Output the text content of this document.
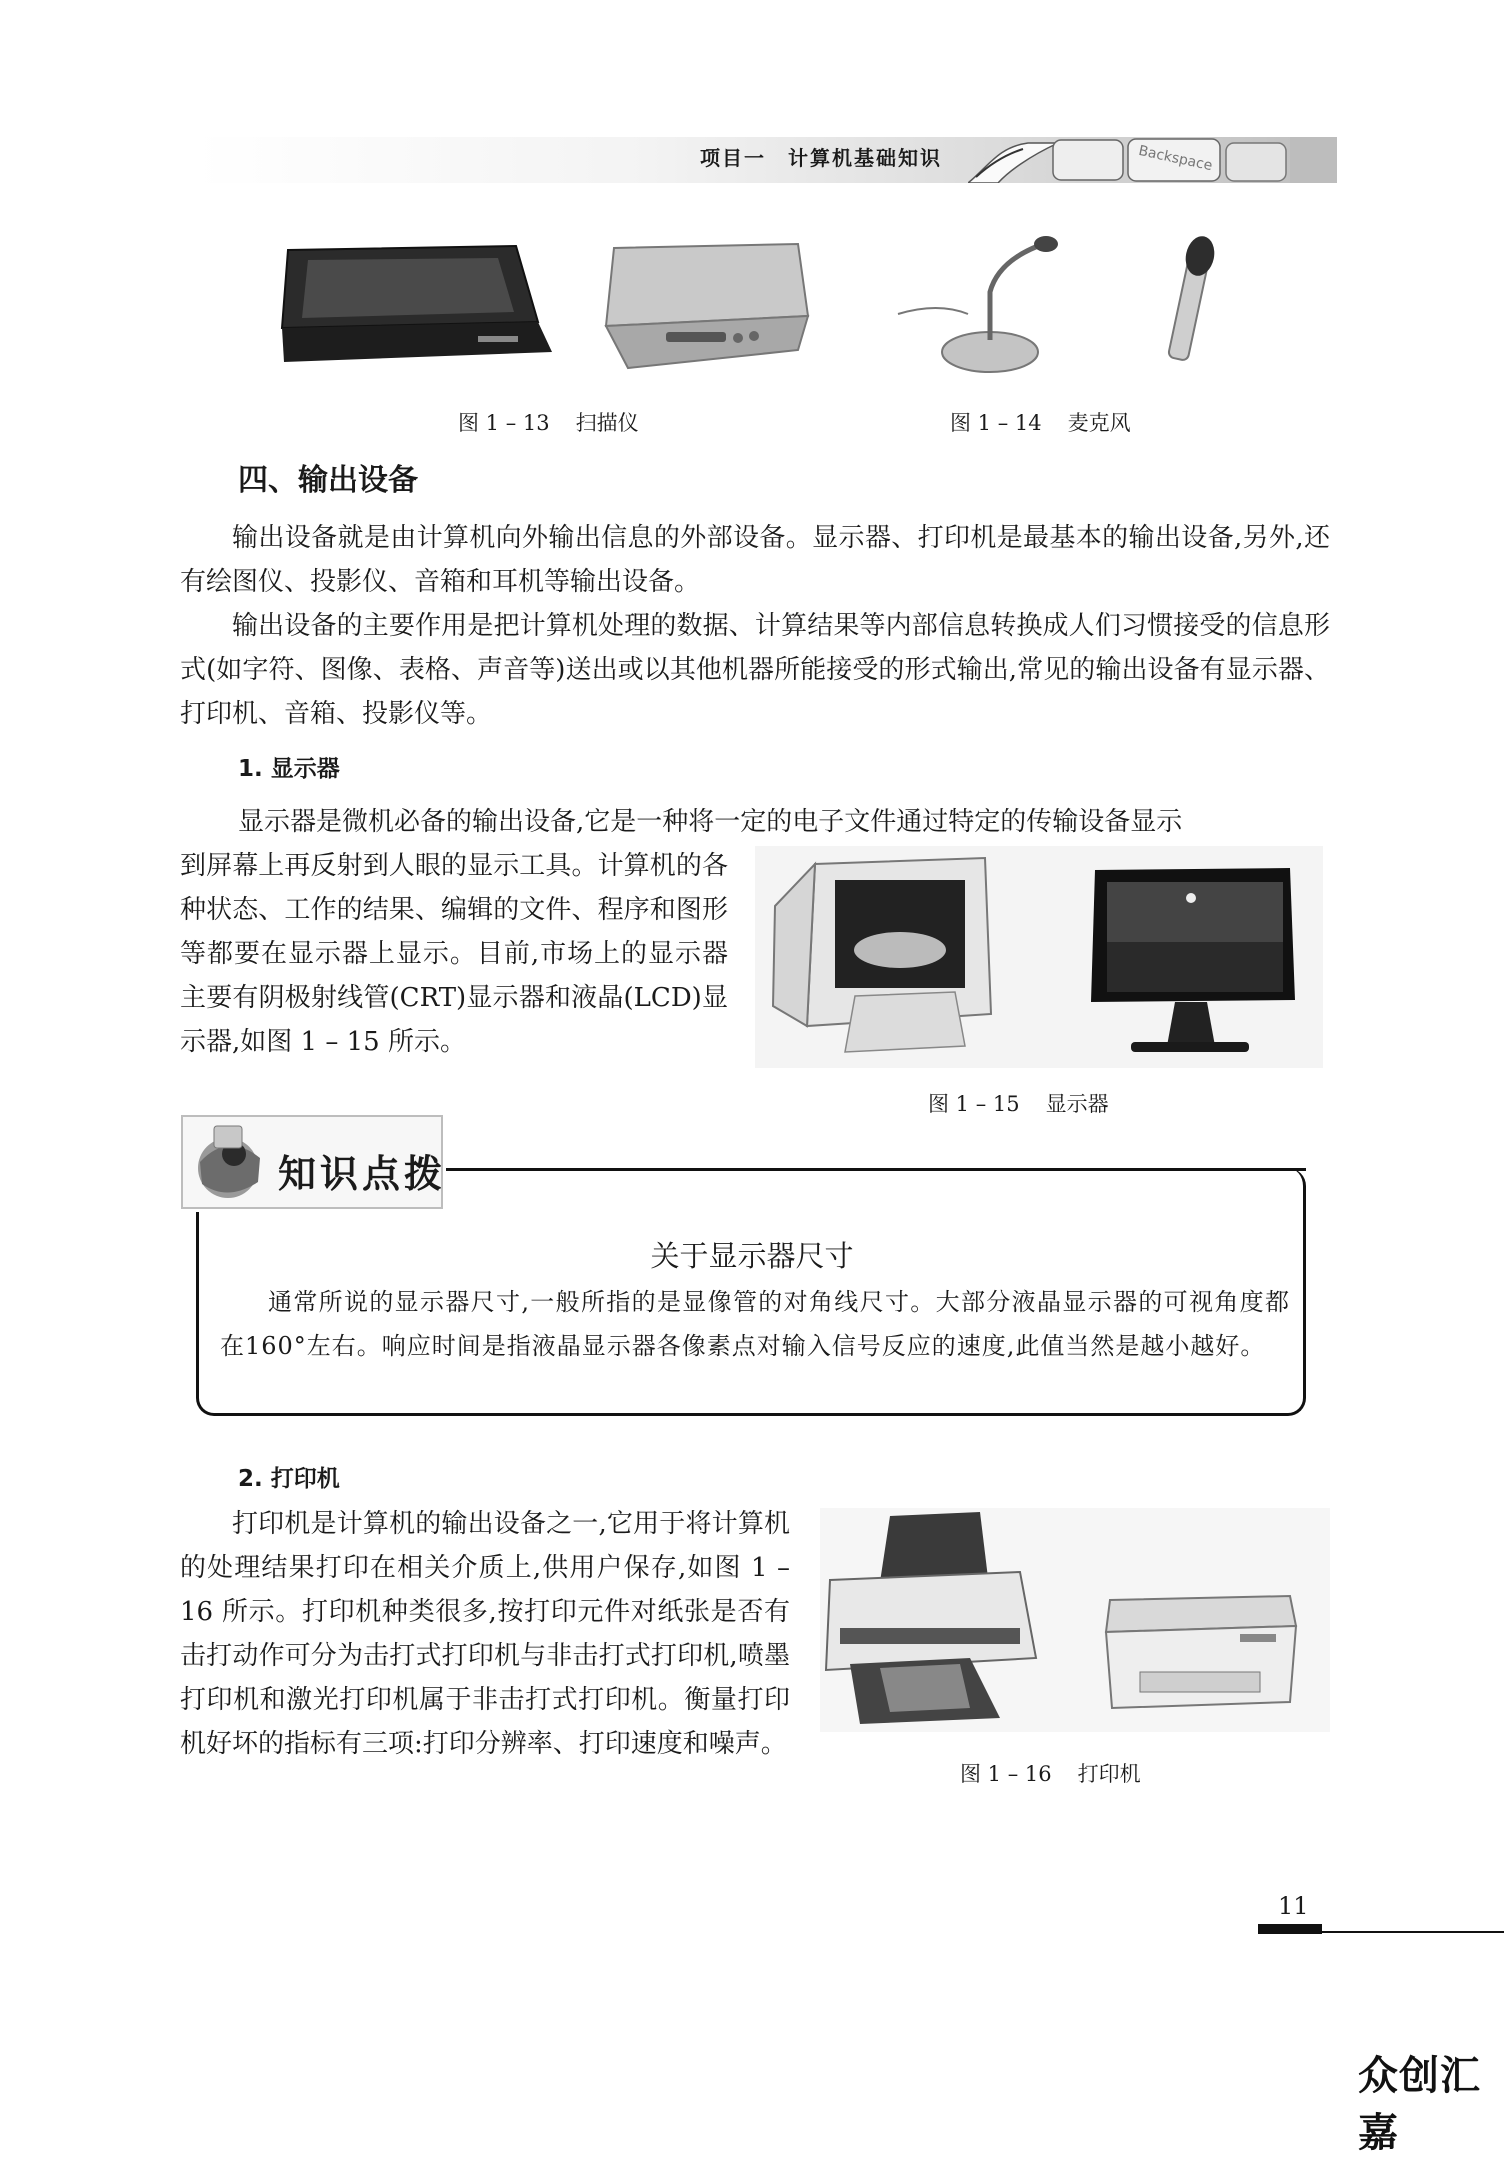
项目一　计算机基础知识	Backspace
图 1 – 13 扫描仪	图 1 – 14 麦克风
四、输出设备
输出设备就是由计算机向外输出信息的外部设备。显示器、打印机是最基本的输出设备,另外,还有绘图仪、投影仪、音箱和耳机等输出设备。
输出设备的主要作用是把计算机处理的数据、计算结果等内部信息转换成人们习惯接受的信息形式(如字符、图像、表格、声音等)送出或以其他机器所能接受的形式输出,常见的输出设备有显示器、打印机、音箱、投影仪等。
1. 显示器
显示器是微机必备的输出设备,它是一种将一定的电子文件通过特定的传输设备显示
到屏幕上再反射到人眼的显示工具。计算机的各种状态、工作的结果、编辑的文件、程序和图形等都要在显示器上显示。目前,市场上的显示器主要有阴极射线管(CRT)显示器和液晶(LCD)显示器,如图 1 – 15 所示。
图 1 – 15 显示器
知识点拨
关于显示器尺寸
通常所说的显示器尺寸,一般所指的是显像管的对角线尺寸。大部分液晶显示器的可视角度都在160°左右。响应时间是指液晶显示器各像素点对输入信号反应的速度,此值当然是越小越好。
2. 打印机
打印机是计算机的输出设备之一,它用于将计算机的处理结果打印在相关介质上,供用户保存,如图 1 – 16 所示。打印机种类很多,按打印元件对纸张是否有击打动作可分为击打式打印机与非击打式打印机,喷墨打印机和激光打印机属于非击打式打印机。衡量打印机好坏的指标有三项:打印分辨率、打印速度和噪声。
图 1 – 16 打印机
11
众创汇嘉
